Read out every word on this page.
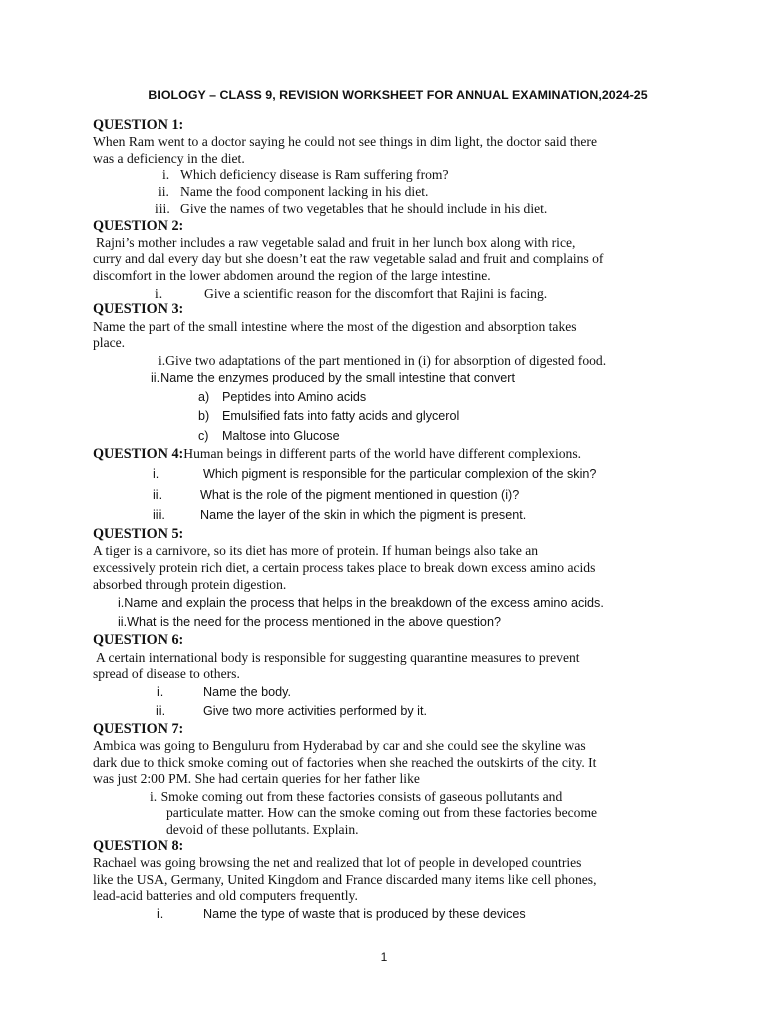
BIOLOGY – CLASS 9, REVISION WORKSHEET FOR ANNUAL EXAMINATION,2024-25
QUESTION 1:
When Ram went to a doctor saying he could not see things in dim light, the doctor said there
was a deficiency in the diet.
i. Which deficiency disease is Ram suffering from?
ii. Name the food component lacking in his diet.
iii. Give the names of two vegetables that he should include in his diet.
QUESTION 2:
Rajni’s mother includes a raw vegetable salad and fruit in her lunch box along with rice,
curry and dal every day but she doesn’t eat the raw vegetable salad and fruit and complains of
discomfort in the lower abdomen around the region of the large intestine.
i.	Give a scientific reason for the discomfort that Rajini is facing.
QUESTION 3:
Name the part of the small intestine where the most of the digestion and absorption takes
place.
i.Give two adaptations of the part mentioned in (i) for absorption of digested food.
ii.Name the enzymes produced by the small intestine that convert
a) Peptides into Amino acids
b) Emulsified fats into fatty acids and glycerol
c) Maltose into Glucose
QUESTION 4:Human beings in different parts of the world have different complexions.
i.	Which pigment is responsible for the particular complexion of the skin?
ii.	What is the role of the pigment mentioned in question (i)?
iii.	Name the layer of the skin in which the pigment is present.
QUESTION 5:
A tiger is a carnivore, so its diet has more of protein. If human beings also take an
excessively protein rich diet, a certain process takes place to break down excess amino acids
absorbed through protein digestion.
i.Name and explain the process that helps in the breakdown of the excess amino acids.
ii.What is the need for the process mentioned in the above question?
QUESTION 6:
A certain international body is responsible for suggesting quarantine measures to prevent
spread of disease to others.
i.	Name the body.
ii.	Give two more activities performed by it.
QUESTION 7:
Ambica was going to Benguluru from Hyderabad by car and she could see the skyline was
dark due to thick smoke coming out of factories when she reached the outskirts of the city. It
was just 2:00 PM. She had certain queries for her father like
i. Smoke coming out from these factories consists of gaseous pollutants and
particulate matter. How can the smoke coming out from these factories become
devoid of these pollutants. Explain.
QUESTION 8:
Rachael was going browsing the net and realized that lot of people in developed countries
like the USA, Germany, United Kingdom and France discarded many items like cell phones,
lead-acid batteries and old computers frequently.
i.	Name the type of waste that is produced by these devices
1
